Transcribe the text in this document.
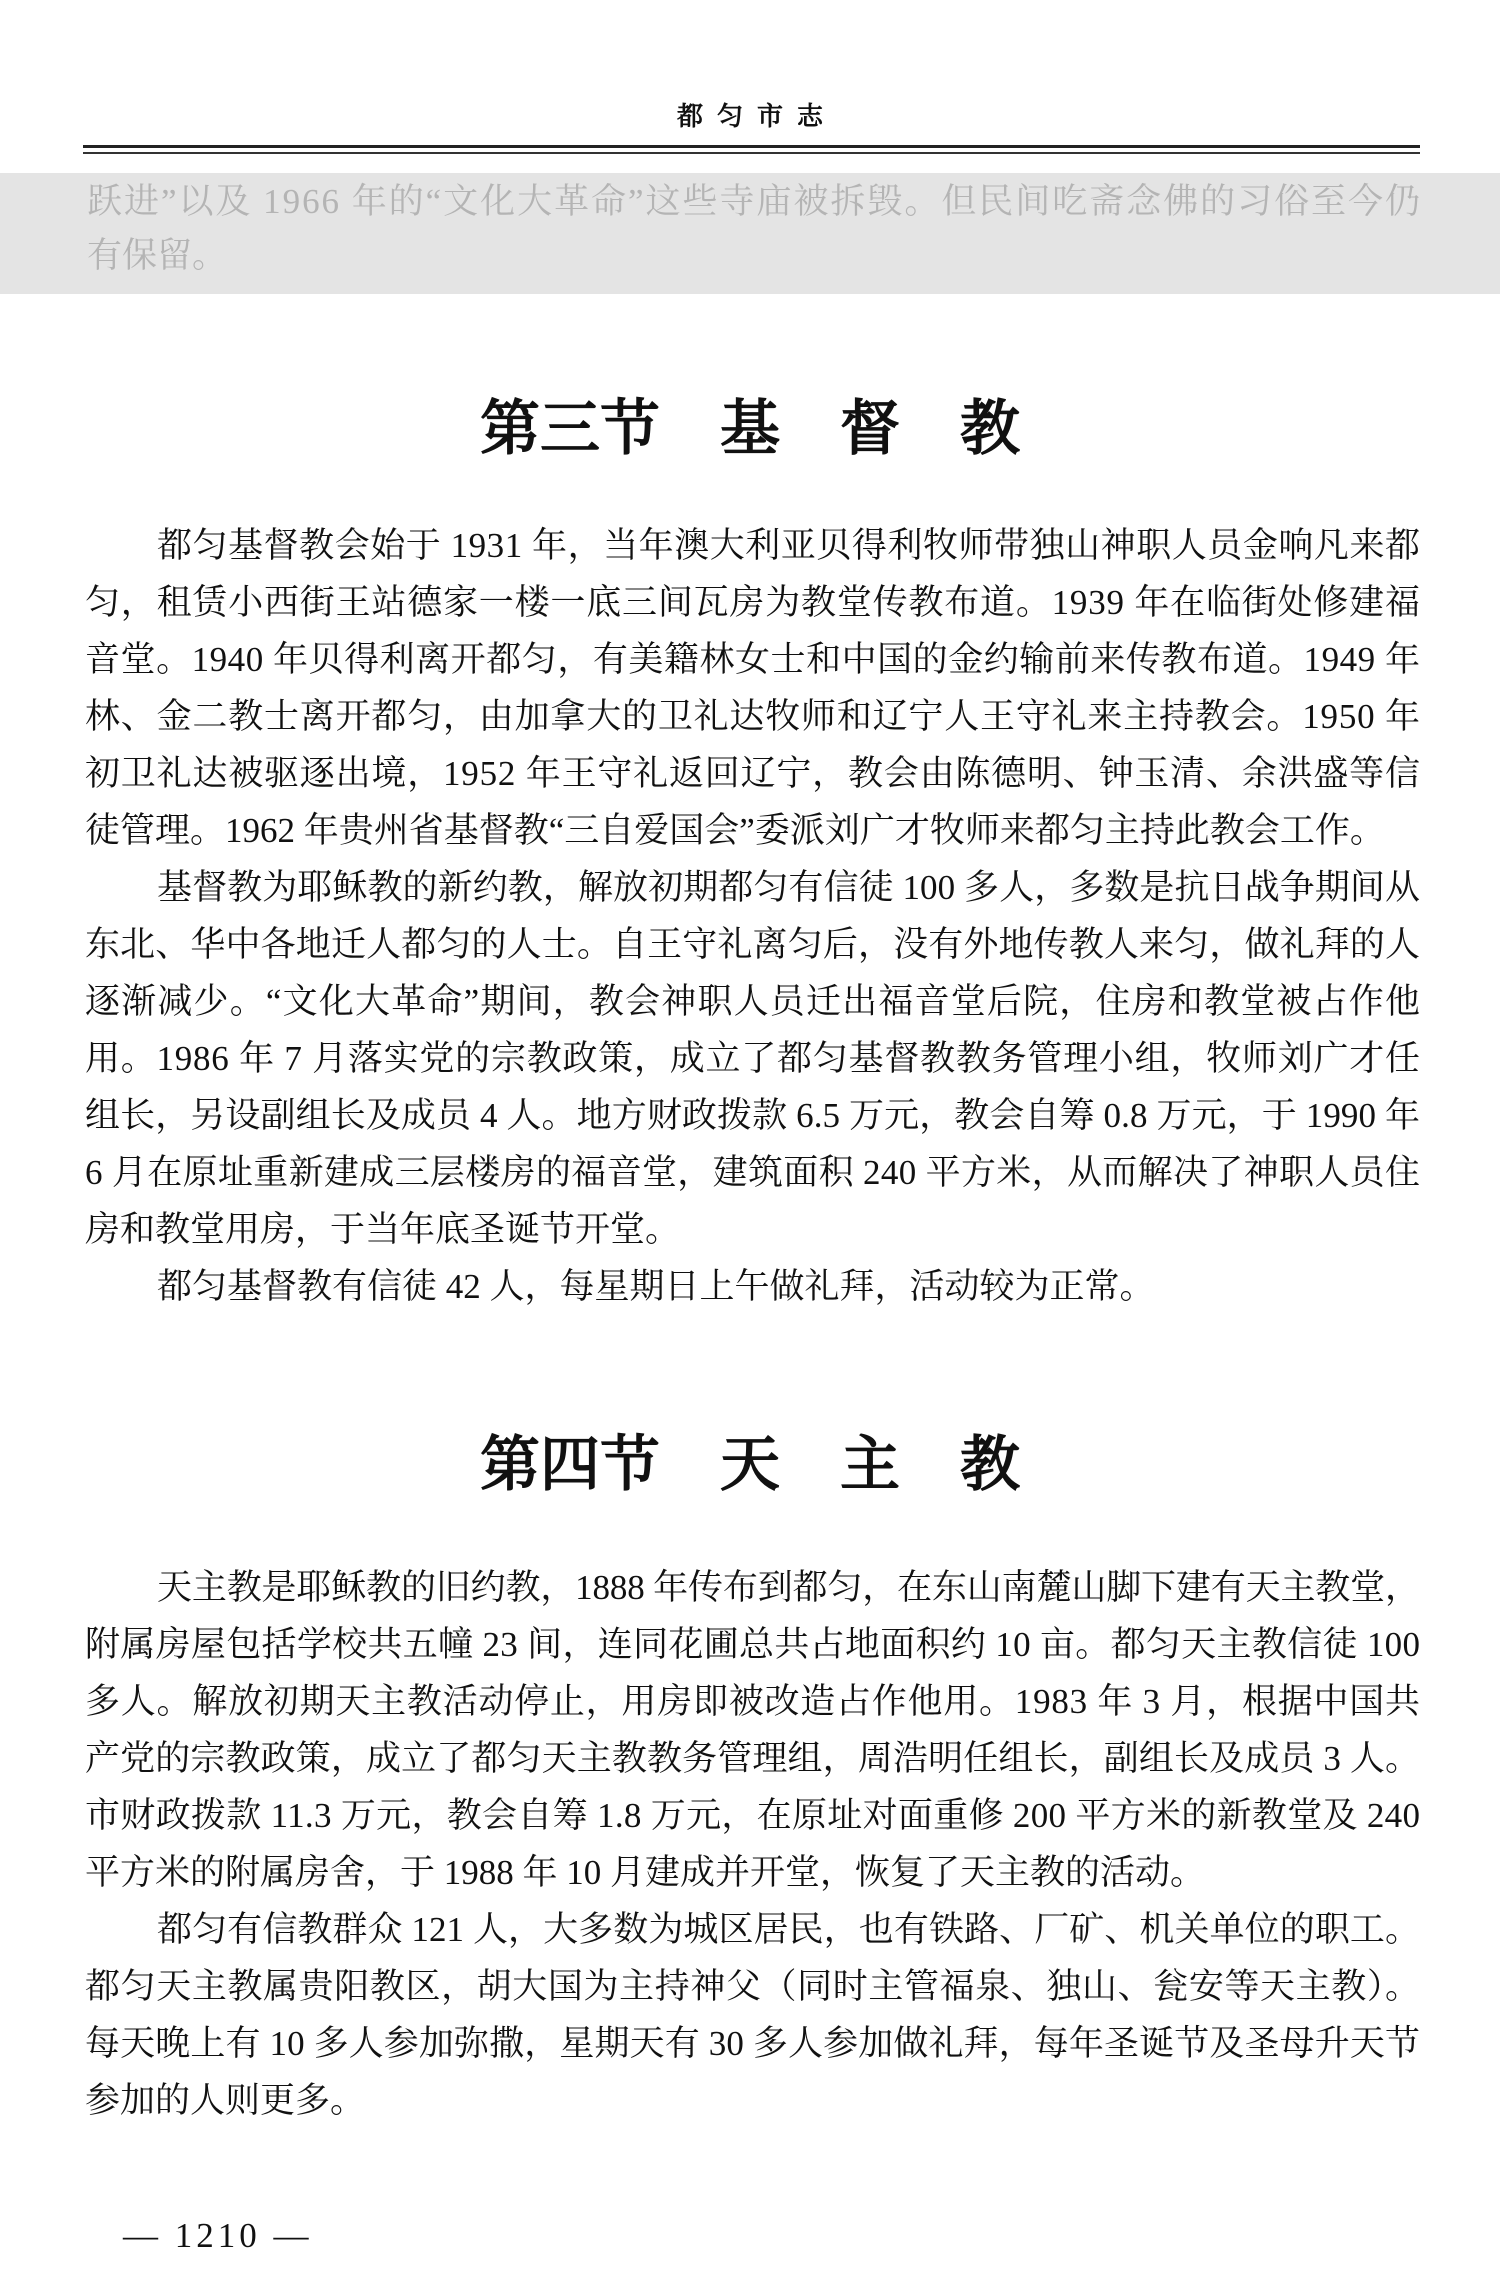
都匀市志
跃进”以及 1966 年的“文化大革命”这些寺庙被拆毁。但民间吃斋念佛的习俗至今仍
有保留。
第三节　基　督　教
都匀基督教会始于 1931 年，当年澳大利亚贝得利牧师带独山神职人员金响凡来都
匀，租赁小西街王站德家一楼一底三间瓦房为教堂传教布道。1939 年在临街处修建福
音堂。1940 年贝得利离开都匀，有美籍林女士和中国的金约输前来传教布道。1949 年
林、金二教士离开都匀，由加拿大的卫礼达牧师和辽宁人王守礼来主持教会。1950 年
初卫礼达被驱逐出境，1952 年王守礼返回辽宁，教会由陈德明、钟玉清、余洪盛等信
徒管理。1962 年贵州省基督教“三自爱国会”委派刘广才牧师来都匀主持此教会工作。
基督教为耶稣教的新约教，解放初期都匀有信徒 100 多人，多数是抗日战争期间从
东北、华中各地迁人都匀的人士。自王守礼离匀后，没有外地传教人来匀，做礼拜的人
逐渐减少。“文化大革命”期间，教会神职人员迁出福音堂后院，住房和教堂被占作他
用。1986 年 7 月落实党的宗教政策，成立了都匀基督教教务管理小组，牧师刘广才任
组长，另设副组长及成员 4 人。地方财政拨款 6.5 万元，教会自筹 0.8 万元，于 1990 年
6 月在原址重新建成三层楼房的福音堂，建筑面积 240 平方米，从而解决了神职人员住
房和教堂用房，于当年底圣诞节开堂。
都匀基督教有信徒 42 人，每星期日上午做礼拜，活动较为正常。
第四节　天　主　教
天主教是耶稣教的旧约教，1888 年传布到都匀，在东山南麓山脚下建有天主教堂，
附属房屋包括学校共五幢 23 间，连同花圃总共占地面积约 10 亩。都匀天主教信徒 100
多人。解放初期天主教活动停止，用房即被改造占作他用。1983 年 3 月，根据中国共
产党的宗教政策，成立了都匀天主教教务管理组，周浩明任组长，副组长及成员 3 人。
市财政拨款 11.3 万元，教会自筹 1.8 万元，在原址对面重修 200 平方米的新教堂及 240
平方米的附属房舍，于 1988 年 10 月建成并开堂，恢复了天主教的活动。
都匀有信教群众 121 人，大多数为城区居民，也有铁路、厂矿、机关单位的职工。
都匀天主教属贵阳教区，胡大国为主持神父（同时主管福泉、独山、瓮安等天主教）。
每天晚上有 10 多人参加弥撒，星期天有 30 多人参加做礼拜，每年圣诞节及圣母升天节
参加的人则更多。
— 1210 —
